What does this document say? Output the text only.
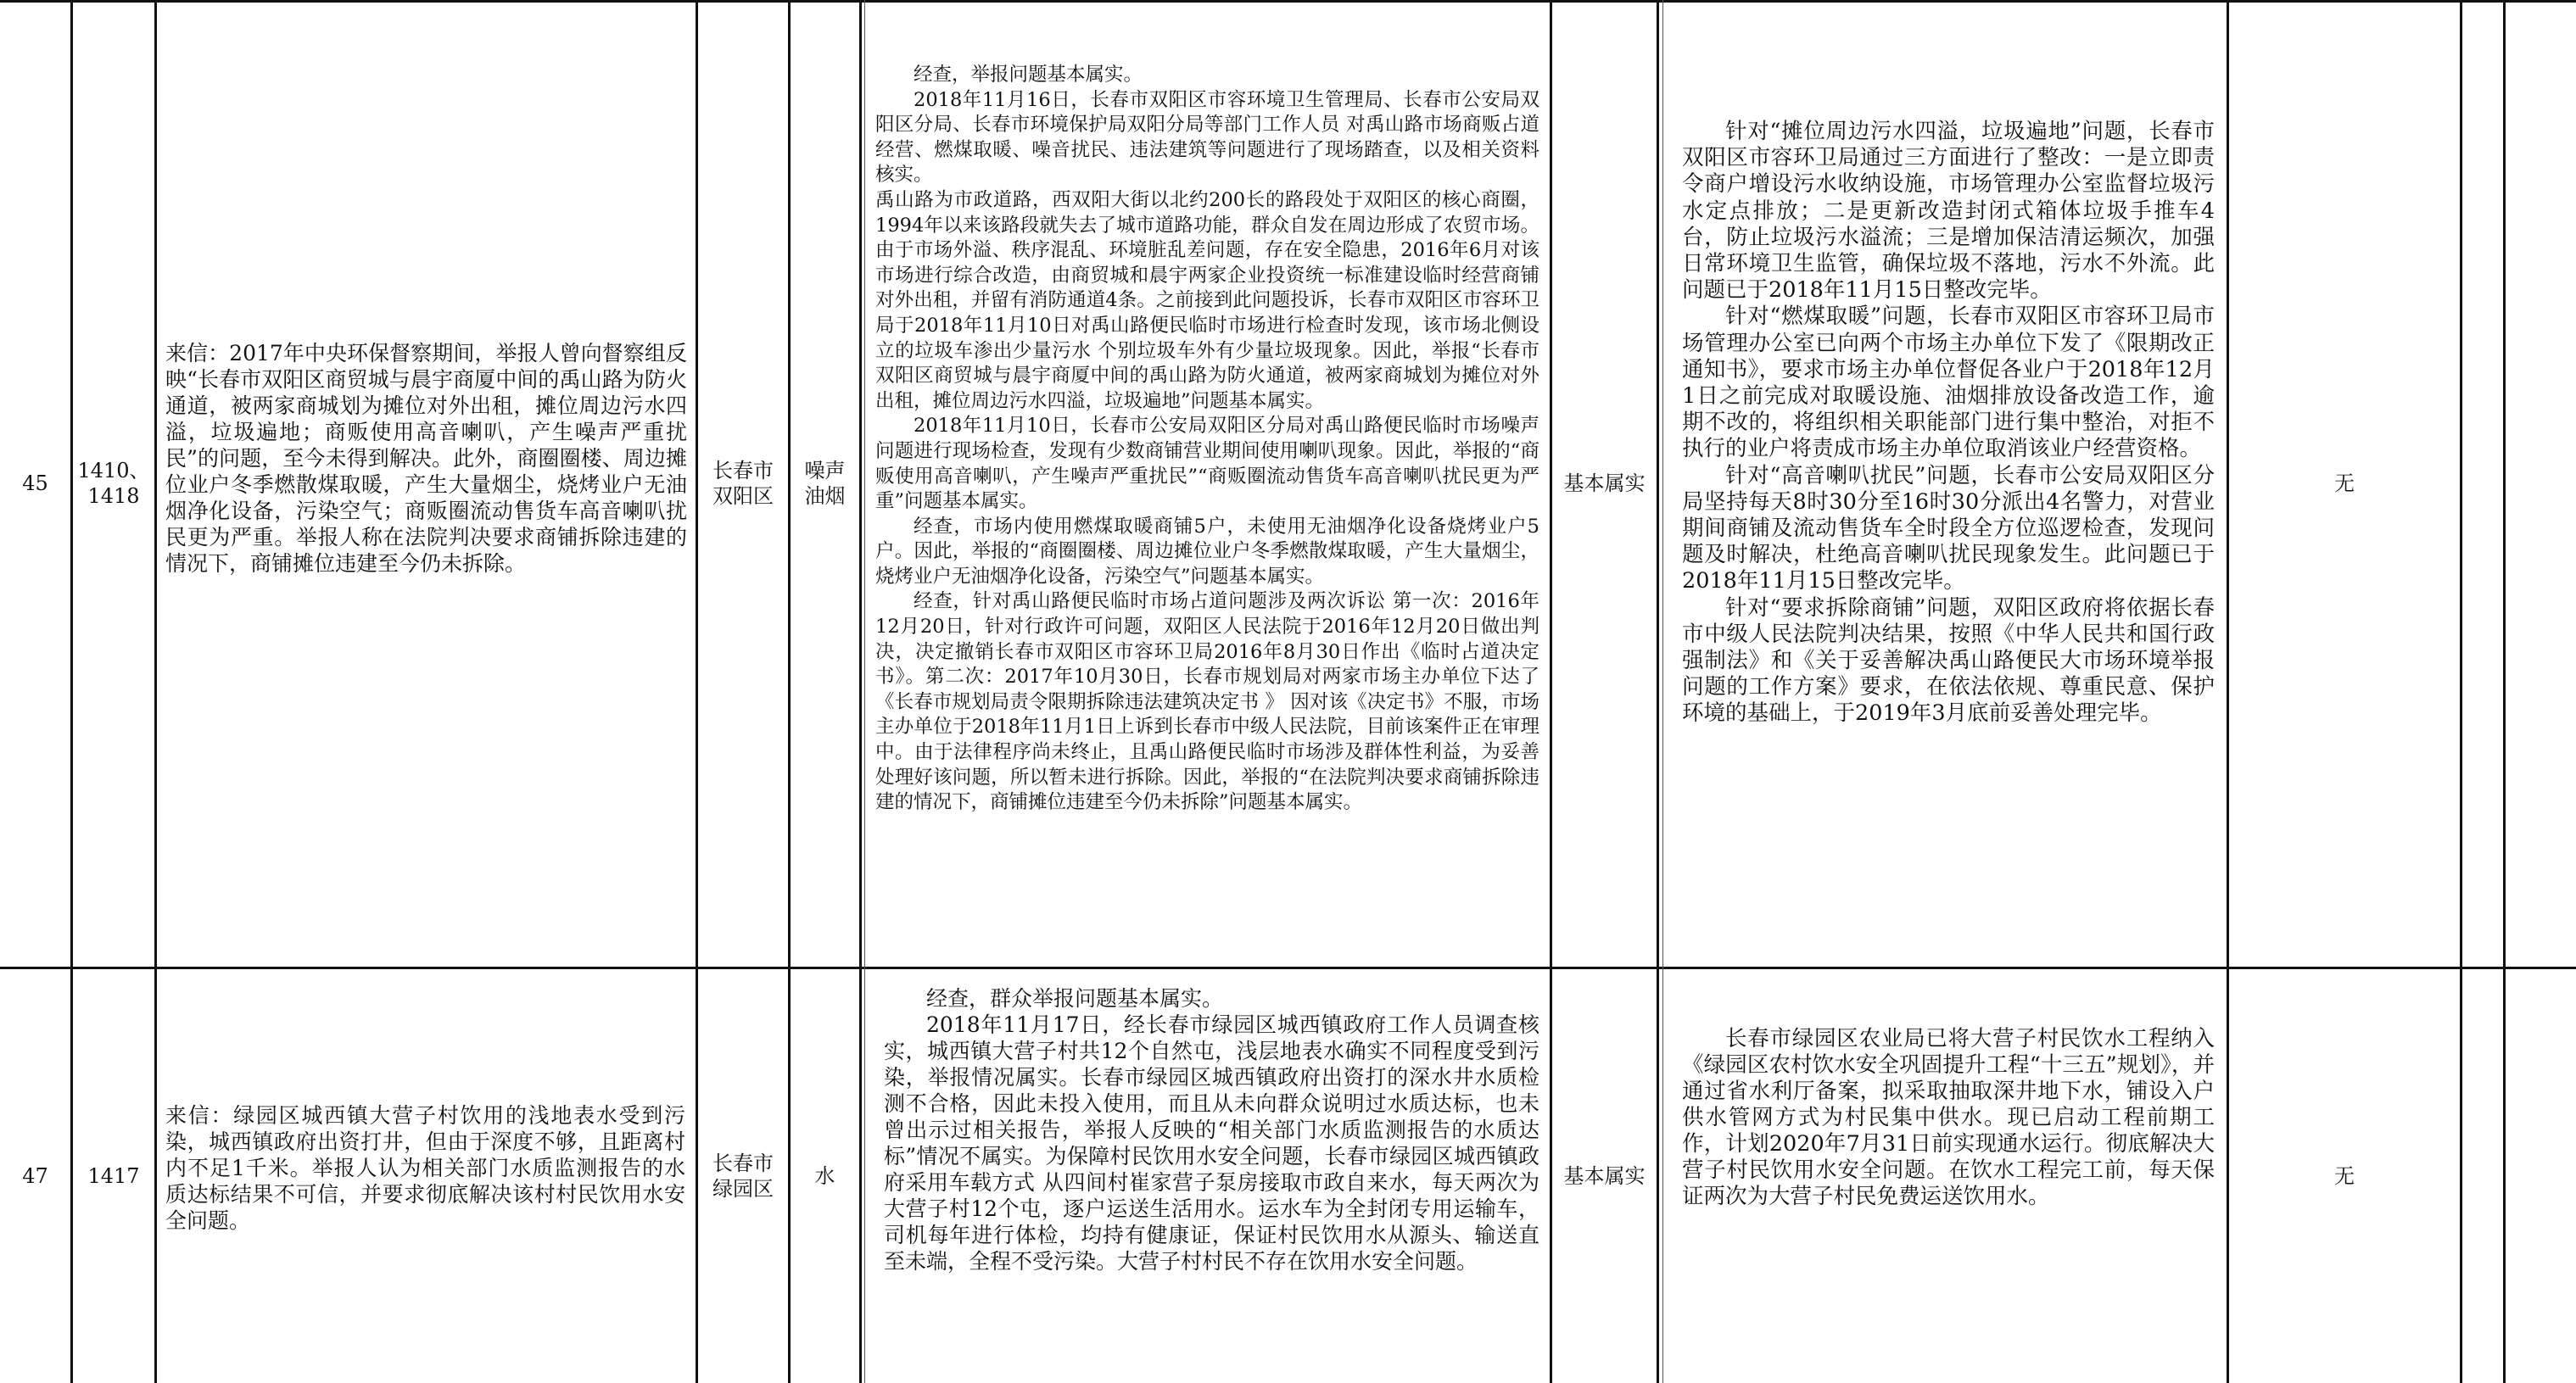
45
1410、1418

来信：2017年中央环保督察期间，举报人曾向督察组反映“长春市双阳区商贸城与晨宇商厦中间的禹山路为防火通道，被两家商城划为摊位对外出租，摊位周边污水四溢，垃圾遍地；商贩使用高音喇叭，产生噪声严重扰民”的问题，至今未得到解决。此外，商圈圈楼、周边摊位业户冬季燃散煤取暖，产生大量烟尘，烧烤业户无油烟净化设备，污染空气；商贩圈流动售货车高音喇叭扰民更为严重。举报人称在法院判决要求商铺拆除违建的情况下，商铺摊位违建至今仍未拆除。

长春市双阳区
噪声油烟

经查，举报问题基本属实。

2018年11月16日，长春市双阳区市容环境卫生管理局、长春市公安局双阳区分局、长春市环境保护局双阳分局等部门工作人员 对禹山路市场商贩占道经营、燃煤取暖、噪音扰民、违法建筑等问题进行了现场踏查，以及相关资料核实。

禹山路为市政道路，西双阳大街以北约200长的路段处于双阳区的核心商圈，1994年以来该路段就失去了城市道路功能，群众自发在周边形成了农贸市场。由于市场外溢、秩序混乱、环境脏乱差问题，存在安全隐患，2016年6月对该市场进行综合改造，由商贸城和晨宇两家企业投资统一标准建设临时经营商铺对外出租，并留有消防通道4条。之前接到此问题投诉，长春市双阳区市容环卫局于2018年11月10日对禹山路便民临时市场进行检查时发现，该市场北侧设立的垃圾车渗出少量污水 个别垃圾车外有少量垃圾现象。因此，举报“长春市双阳区商贸城与晨宇商厦中间的禹山路为防火通道，被两家商城划为摊位对外出租，摊位周边污水四溢，垃圾遍地”问题基本属实。

2018年11月10日，长春市公安局双阳区分局对禹山路便民临时市场噪声问题进行现场检查，发现有少数商铺营业期间使用喇叭现象。因此，举报的“商贩使用高音喇叭，产生噪声严重扰民”“商贩圈流动售货车高音喇叭扰民更为严重”问题基本属实。

经查，市场内使用燃煤取暖商铺5户，未使用无油烟净化设备烧烤业户5户。因此，举报的“商圈圈楼、周边摊位业户冬季燃散煤取暖，产生大量烟尘，烧烤业户无油烟净化设备，污染空气”问题基本属实。

经查，针对禹山路便民临时市场占道问题涉及两次诉讼 第一次：2016年12月20日，针对行政许可问题，双阳区人民法院于2016年12月20日做出判决，决定撤销长春市双阳区市容环卫局2016年8月30日作出《临时占道决定书》。第二次：2017年10月30日，长春市规划局对两家市场主办单位下达了《长春市规划局责令限期拆除违法建筑决定书 》 因对该《决定书》不服，市场主办单位于2018年11月1日上诉到长春市中级人民法院，目前该案件正在审理中。由于法律程序尚未终止，且禹山路便民临时市场涉及群体性利益，为妥善处理好该问题，所以暂未进行拆除。因此，举报的“在法院判决要求商铺拆除违建的情况下，商铺摊位违建至今仍未拆除”问题基本属实。

基本属实

针对“摊位周边污水四溢，垃圾遍地”问题，长春市双阳区市容环卫局通过三方面进行了整改：一是立即责令商户增设污水收纳设施，市场管理办公室监督垃圾污水定点排放；二是更新改造封闭式箱体垃圾手推车4台，防止垃圾污水溢流；三是增加保洁清运频次，加强日常环境卫生监管，确保垃圾不落地，污水不外流。此问题已于2018年11月15日整改完毕。

针对“燃煤取暖”问题，长春市双阳区市容环卫局市场管理办公室已向两个市场主办单位下发了《限期改正通知书》，要求市场主办单位督促各业户于2018年12月1日之前完成对取暖设施、油烟排放设备改造工作，逾期不改的，将组织相关职能部门进行集中整治，对拒不执行的业户将责成市场主办单位取消该业户经营资格。

针对“高音喇叭扰民”问题，长春市公安局双阳区分局坚持每天8时30分至16时30分派出4名警力，对营业期间商铺及流动售货车全时段全方位巡逻检查，发现问题及时解决，杜绝高音喇叭扰民现象发生。此问题已于2018年11月15日整改完毕。

针对“要求拆除商铺”问题，双阳区政府将依据长春市中级人民法院判决结果，按照《中华人民共和国行政强制法》和《关于妥善解决禹山路便民大市场环境举报问题的工作方案》要求，在依法依规、尊重民意、保护环境的基础上，于2019年3月底前妥善处理完毕。

无
47 1417

来信：绿园区城西镇大营子村饮用的浅地表水受到污染，城西镇政府出资打井，但由于深度不够，且距离村内不足1千米。举报人认为相关部门水质监测报告的水质达标结果不可信，并要求彻底解决该村村民饮用水安全问题。

长春市绿园区
水

经查，群众举报问题基本属实。

2018年11月17日，经长春市绿园区城西镇政府工作人员调查核实，城西镇大营子村共12个自然屯，浅层地表水确实不同程度受到污染，举报情况属实。长春市绿园区城西镇政府出资打的深水井水质检测不合格，因此未投入使用，而且从未向群众说明过水质达标，也未曾出示过相关报告，举报人反映的“相关部门水质监测报告的水质达标”情况不属实。为保障村民饮用水安全问题，长春市绿园区城西镇政府采用车载方式 从四间村崔家营子泵房接取市政自来水，每天两次为大营子村12个屯，逐户运送生活用水。运水车为全封闭专用运输车，司机每年进行体检，均持有健康证，保证村民饮用水从源头、输送直至未端，全程不受污染。大营子村村民不存在饮用水安全问题。

基本属实

长春市绿园区农业局已将大营子村民饮水工程纳入《绿园区农村饮水安全巩固提升工程“十三五”规划》，并通过省水利厅备案，拟采取抽取深井地下水，铺设入户供水管网方式为村民集中供水。现已启动工程前期工作，计划2020年7月31日前实现通水运行。彻底解决大营子村民饮用水安全问题。在饮水工程完工前，每天保证两次为大营子村民免费运送饮用水。

无
